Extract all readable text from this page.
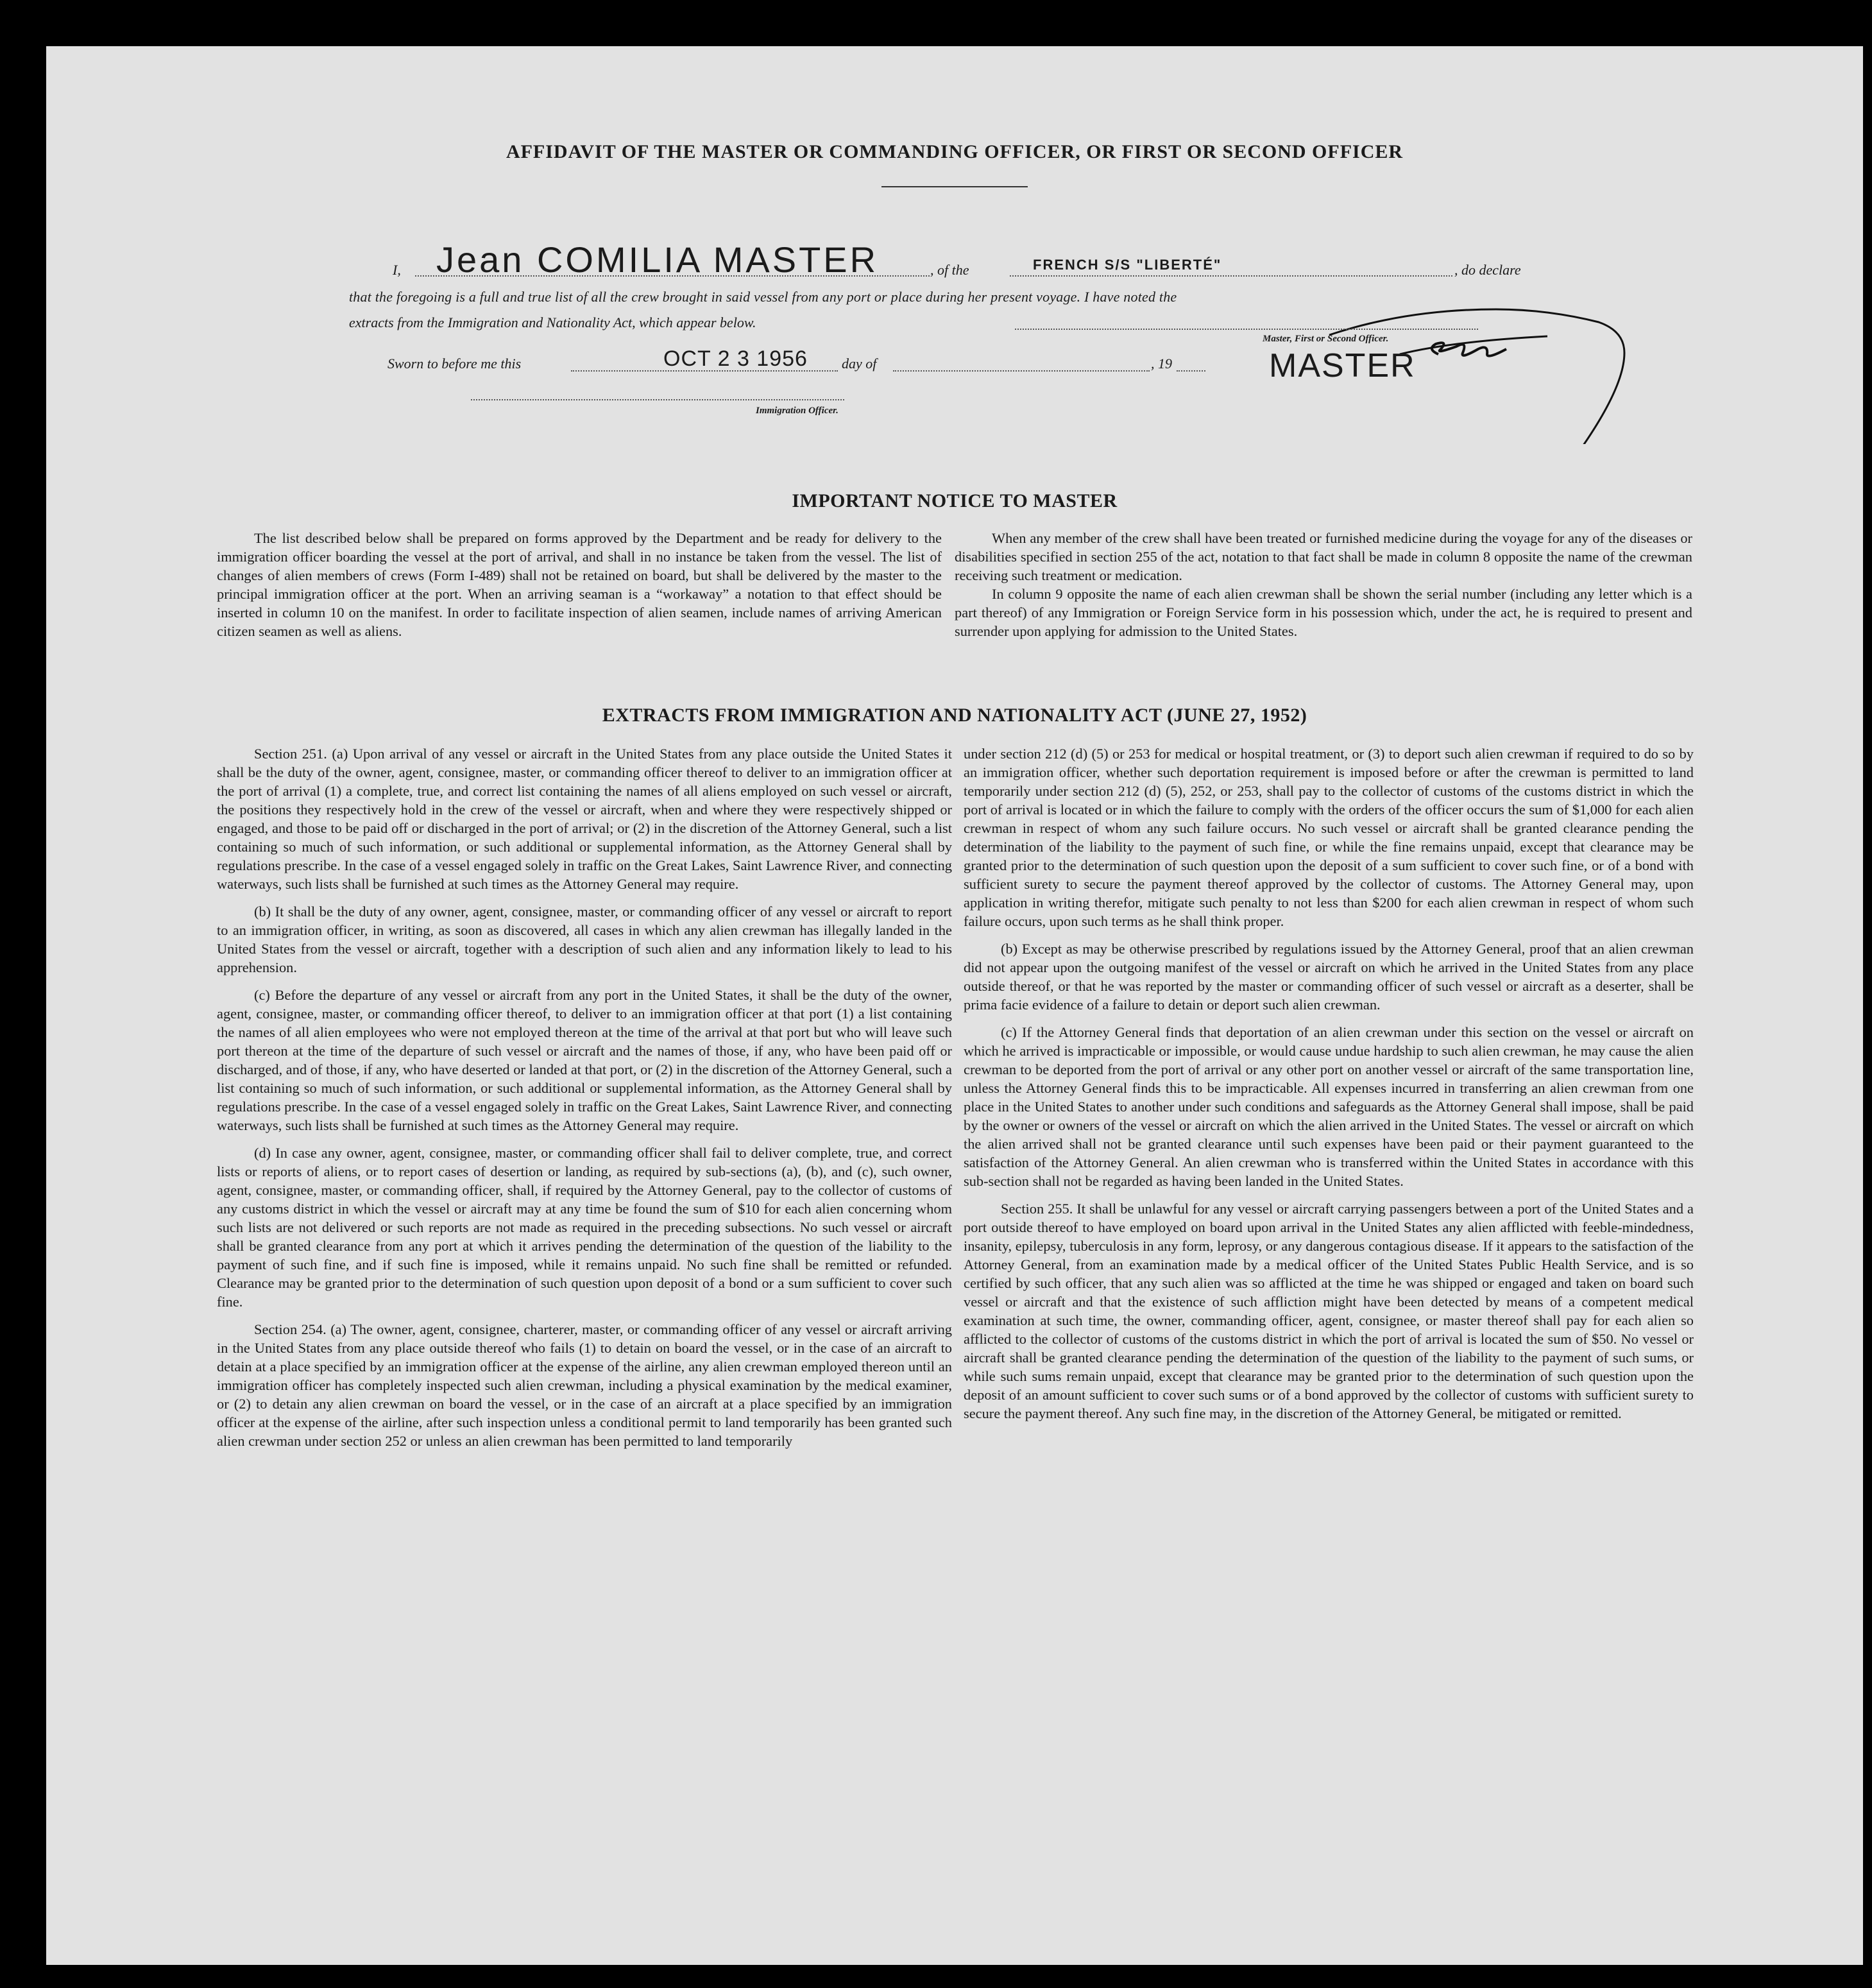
AFFIDAVIT OF THE MASTER OR COMMANDING OFFICER, OR FIRST OR SECOND OFFICER
I, Jean COMILIA MASTER	, of the	FRENCH S/S "LIBERTÉ"	, do declare
that the foregoing is a full and true list of all the crew brought in said vessel from any port or place during her present voyage. I have noted the
extracts from the Immigration and Nationality Act, which appear below.
Master, First or Second Officer.
MASTER
Sworn to before me this	OCT 2 3 1956 day of	, 19
Immigration Officer.
IMPORTANT NOTICE TO MASTER

The list described below shall be prepared on forms approved by the Department and be ready for delivery to the immigration officer boarding the vessel at the port of arrival, and shall in no instance be taken from the vessel. The list of changes of alien members of crews (Form I-489) shall not be retained on board, but shall be delivered by the master to the principal immigration officer at the port. When an arriving seaman is a “workaway” a notation to that effect should be inserted in column 10 on the manifest. In order to facilitate inspection of alien seamen, include names of arriving American citizen seamen as well as aliens.

When any member of the crew shall have been treated or furnished medicine during the voyage for any of the diseases or disabilities specified in section 255 of the act, notation to that fact shall be made in column 8 opposite the name of the crewman receiving such treatment or medication.

In column 9 opposite the name of each alien crewman shall be shown the serial number (including any letter which is a part thereof) of any Immigration or Foreign Service form in his possession which, under the act, he is required to present and surrender upon applying for admission to the United States.

EXTRACTS FROM IMMIGRATION AND NATIONALITY ACT (JUNE 27, 1952)

Section 251. (a) Upon arrival of any vessel or aircraft in the United States from any place outside the United States it shall be the duty of the owner, agent, consignee, master, or commanding officer thereof to deliver to an immigration officer at the port of arrival (1) a complete, true, and correct list containing the names of all aliens employed on such vessel or aircraft, the positions they respectively hold in the crew of the vessel or aircraft, when and where they were respectively shipped or engaged, and those to be paid off or discharged in the port of arrival; or (2) in the discretion of the Attorney General, such a list containing so much of such information, or such additional or supplemental information, as the Attorney General shall by regulations prescribe. In the case of a vessel engaged solely in traffic on the Great Lakes, Saint Lawrence River, and connecting waterways, such lists shall be furnished at such times as the Attorney General may require.

(b) It shall be the duty of any owner, agent, consignee, master, or commanding officer of any vessel or aircraft to report to an immigration officer, in writing, as soon as discovered, all cases in which any alien crewman has illegally landed in the United States from the vessel or aircraft, together with a description of such alien and any information likely to lead to his apprehension.

(c) Before the departure of any vessel or aircraft from any port in the United States, it shall be the duty of the owner, agent, consignee, master, or commanding officer thereof, to deliver to an immigration officer at that port (1) a list containing the names of all alien employees who were not employed thereon at the time of the arrival at that port but who will leave such port thereon at the time of the departure of such vessel or aircraft and the names of those, if any, who have been paid off or discharged, and of those, if any, who have deserted or landed at that port, or (2) in the discretion of the Attorney General, such a list containing so much of such information, or such additional or supplemental information, as the Attorney General shall by regulations prescribe. In the case of a vessel engaged solely in traffic on the Great Lakes, Saint Lawrence River, and connecting waterways, such lists shall be furnished at such times as the Attorney General may require.

(d) In case any owner, agent, consignee, master, or commanding officer shall fail to deliver complete, true, and correct lists or reports of aliens, or to report cases of desertion or landing, as required by sub-sections (a), (b), and (c), such owner, agent, consignee, master, or commanding officer, shall, if required by the Attorney General, pay to the collector of customs of any customs district in which the vessel or aircraft may at any time be found the sum of $10 for each alien concerning whom such lists are not delivered or such reports are not made as required in the preceding subsections. No such vessel or aircraft shall be granted clearance from any port at which it arrives pending the determination of the question of the liability to the payment of such fine, and if such fine is imposed, while it remains unpaid. No such fine shall be remitted or refunded. Clearance may be granted prior to the determination of such question upon deposit of a bond or a sum sufficient to cover such fine.

Section 254. (a) The owner, agent, consignee, charterer, master, or commanding officer of any vessel or aircraft arriving in the United States from any place outside thereof who fails (1) to detain on board the vessel, or in the case of an aircraft to detain at a place specified by an immigration officer at the expense of the airline, any alien crewman employed thereon until an immigration officer has completely inspected such alien crewman, including a physical examination by the medical examiner, or (2) to detain any alien crewman on board the vessel, or in the case of an aircraft at a place specified by an immigration officer at the expense of the airline, after such inspection unless a conditional permit to land temporarily has been granted such alien crewman under section 252 or unless an alien crewman has been permitted to land temporarily

under section 212 (d) (5) or 253 for medical or hospital treatment, or (3) to deport such alien crewman if required to do so by an immigration officer, whether such deportation requirement is imposed before or after the crewman is permitted to land temporarily under section 212 (d) (5), 252, or 253, shall pay to the collector of customs of the customs district in which the port of arrival is located or in which the failure to comply with the orders of the officer occurs the sum of $1,000 for each alien crewman in respect of whom any such failure occurs. No such vessel or aircraft shall be granted clearance pending the determination of the liability to the payment of such fine, or while the fine remains unpaid, except that clearance may be granted prior to the determination of such question upon the deposit of a sum sufficient to cover such fine, or of a bond with sufficient surety to secure the payment thereof approved by the collector of customs. The Attorney General may, upon application in writing therefor, mitigate such penalty to not less than $200 for each alien crewman in respect of whom such failure occurs, upon such terms as he shall think proper.

(b) Except as may be otherwise prescribed by regulations issued by the Attorney General, proof that an alien crewman did not appear upon the outgoing manifest of the vessel or aircraft on which he arrived in the United States from any place outside thereof, or that he was reported by the master or commanding officer of such vessel or aircraft as a deserter, shall be prima facie evidence of a failure to detain or deport such alien crewman.

(c) If the Attorney General finds that deportation of an alien crewman under this section on the vessel or aircraft on which he arrived is impracticable or impossible, or would cause undue hardship to such alien crewman, he may cause the alien crewman to be deported from the port of arrival or any other port on another vessel or aircraft of the same transportation line, unless the Attorney General finds this to be impracticable. All expenses incurred in transferring an alien crewman from one place in the United States to another under such conditions and safeguards as the Attorney General shall impose, shall be paid by the owner or owners of the vessel or aircraft on which the alien arrived in the United States. The vessel or aircraft on which the alien arrived shall not be granted clearance until such expenses have been paid or their payment guaranteed to the satisfaction of the Attorney General. An alien crewman who is transferred within the United States in accordance with this sub-section shall not be regarded as having been landed in the United States.

Section 255. It shall be unlawful for any vessel or aircraft carrying passengers between a port of the United States and a port outside thereof to have employed on board upon arrival in the United States any alien afflicted with feeble-mindedness, insanity, epilepsy, tuberculosis in any form, leprosy, or any dangerous contagious disease. If it appears to the satisfaction of the Attorney General, from an examination made by a medical officer of the United States Public Health Service, and is so certified by such officer, that any such alien was so afflicted at the time he was shipped or engaged and taken on board such vessel or aircraft and that the existence of such affliction might have been detected by means of a competent medical examination at such time, the owner, commanding officer, agent, consignee, or master thereof shall pay for each alien so afflicted to the collector of customs of the customs district in which the port of arrival is located the sum of $50. No vessel or aircraft shall be granted clearance pending the determination of the question of the liability to the payment of such sums, or while such sums remain unpaid, except that clearance may be granted prior to the determination of such question upon the deposit of an amount sufficient to cover such sums or of a bond approved by the collector of customs with sufficient surety to secure the payment thereof. Any such fine may, in the discretion of the Attorney General, be mitigated or remitted.
